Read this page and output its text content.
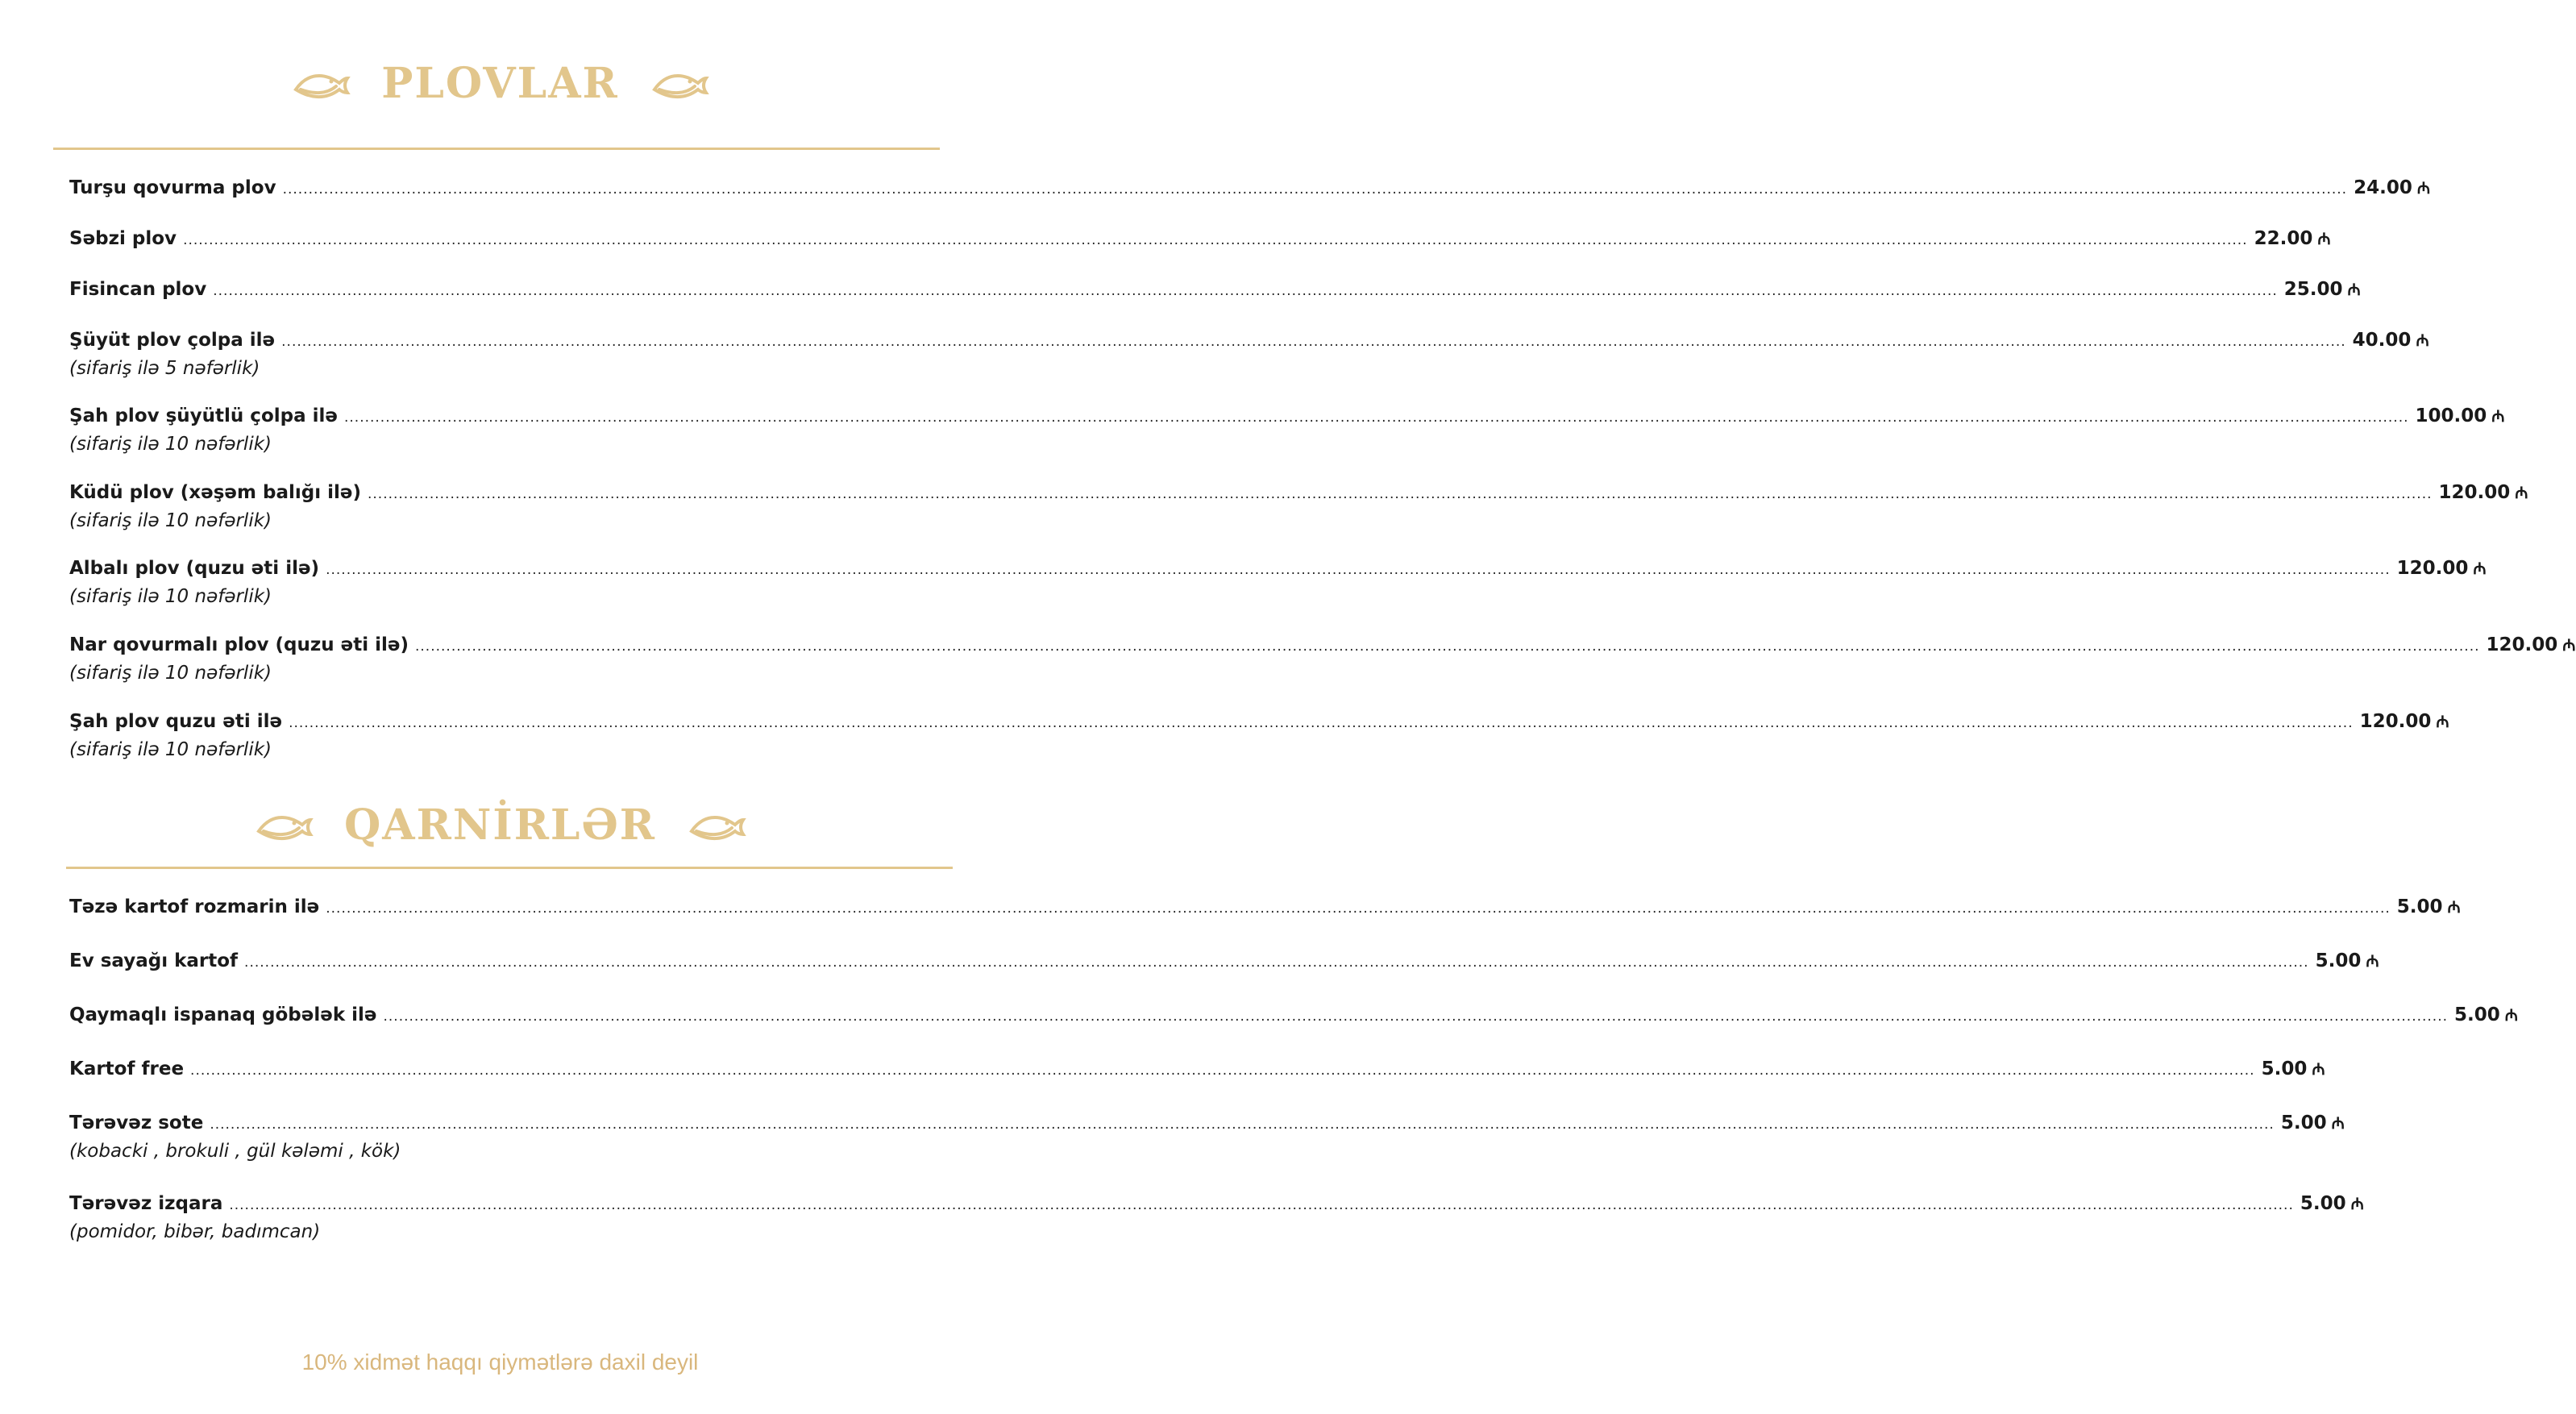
PLOVLAR
Turşu qovurma plov ................................................................................................................................................................................................................................................................................................................................................................................................................ 24.00 ₼
Səbzi plov ................................................................................................................................................................................................................................................................................................................................................................................................................ 22.00 ₼
Fisincan plov ................................................................................................................................................................................................................................................................................................................................................................................................................ 25.00 ₼
Şüyüt plov çolpa ilə ................................................................................................................................................................................................................................................................................................................................................................................................................ 40.00 ₼
(sifariş ilə 5 nəfərlik)
Şah plov şüyütlü çolpa ilə ................................................................................................................................................................................................................................................................................................................................................................................................................ 100.00 ₼
(sifariş ilə 10 nəfərlik)
Küdü plov (xəşəm balığı ilə) ................................................................................................................................................................................................................................................................................................................................................................................................................ 120.00 ₼
(sifariş ilə 10 nəfərlik)
Albalı plov (quzu əti ilə) ................................................................................................................................................................................................................................................................................................................................................................................................................ 120.00 ₼
(sifariş ilə 10 nəfərlik)
Nar qovurmalı plov (quzu əti ilə) ................................................................................................................................................................................................................................................................................................................................................................................................................ 120.00 ₼
(sifariş ilə 10 nəfərlik)
Şah plov quzu əti ilə ................................................................................................................................................................................................................................................................................................................................................................................................................ 120.00 ₼
(sifariş ilə 10 nəfərlik)
QARNİRLƏR
Təzə kartof rozmarin ilə ................................................................................................................................................................................................................................................................................................................................................................................................................ 5.00 ₼
Ev sayağı kartof ................................................................................................................................................................................................................................................................................................................................................................................................................ 5.00 ₼
Qaymaqlı ispanaq göbələk ilə ................................................................................................................................................................................................................................................................................................................................................................................................................ 5.00 ₼
Kartof free ................................................................................................................................................................................................................................................................................................................................................................................................................ 5.00 ₼
Tərəvəz sote ................................................................................................................................................................................................................................................................................................................................................................................................................ 5.00 ₼
(kobacki , brokuli , gül kələmi , kök)
Tərəvəz izqara ................................................................................................................................................................................................................................................................................................................................................................................................................ 5.00 ₼
(pomidor, bibər, badımcan)
10% xidmət haqqı qiymətlərə daxil deyil
